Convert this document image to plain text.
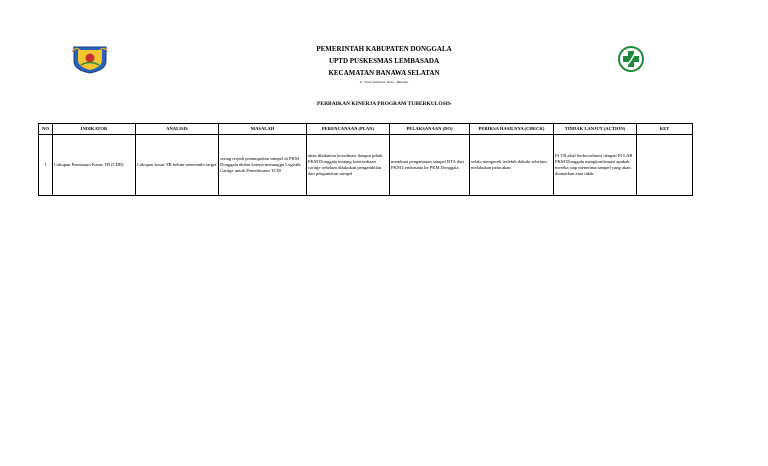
PEMERINTAH KABUPATEN DONGGALA
UPTD PUSKESMAS LEMBASADA
KECAMATAN BANAWA SELATAN
Jl. Trans Sulawesi, Palu - Mamuju
PERBAIKAN KINERJA PROGRAM TUBERKULOSIS
NO	INDIKATOR	ANALISIS	MASALAH	PERENCANAAN (PLAN)	PELAKSANAAN (DO)	PERIKSA HASILNYA (CHECK)	TINDAK LANJUT (ACTION)	KET
1	Cakupan Penemuan Kasus TB (CDR)	Cakupan kasus TB belum memenuhi target	sering terjadi penumpukan sampel di PKM Donggala akibat karena menunggu Logistik Cartige untuk Pemeriksaan TCM	akan dilakukan koordinasi dengan pihak PKM Donggala tentang ketersediaan cartige sebelum dilakukan pengambilan dan pengantaran sampel	membuat pengantaran sampel BTA dari PKM Lembasada ke PKM Donggala	selalu mengecek terlebih dahulu sebelum melakukan pelacakan	PJ TB aktif berkoordinasi dengan PJ LAB PKM Donggala mengkonfirmasi apakah mereka siap menerima sampel yang akan diantarkan atau tidak	
